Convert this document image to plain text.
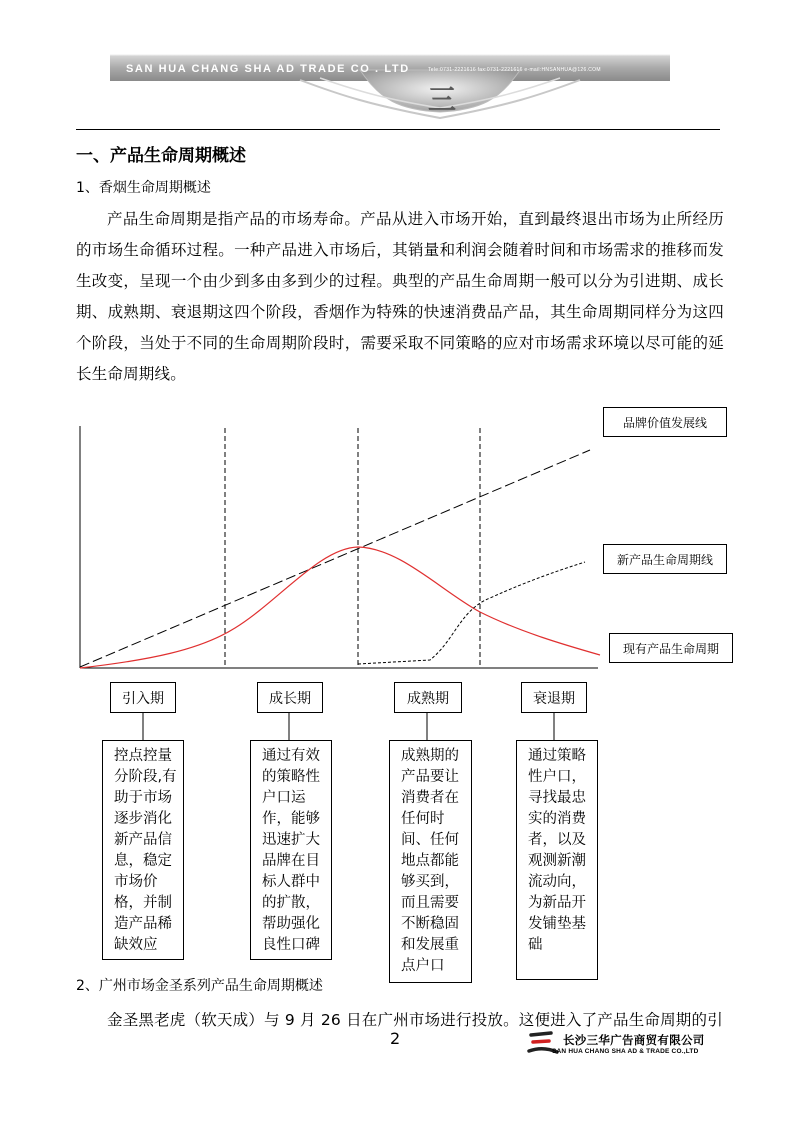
SAN HUA CHANG SHA AD TRADE CO . LTD	Tele:0731-2221616 fax:0731-2221616 e-mail:HNSANHUA@126.COM
三
一、产品生命周期概述
1、香烟生命周期概述
产品生命周期是指产品的市场寿命。产品从进入市场开始，直到最终退出市场为止所经历的市场生命循环过程。一种产品进入市场后，其销量和利润会随着时间和市场需求的推移而发生改变，呈现一个由少到多由多到少的过程。典型的产品生命周期一般可以分为引进期、成长期、成熟期、衰退期这四个阶段，香烟作为特殊的快速消费品产品，其生命周期同样分为这四个阶段，当处于不同的生命周期阶段时，需要采取不同策略的应对市场需求环境以尽可能的延长生命周期线。
品牌价值发展线
新产品生命周期线
现有产品生命周期
引入期	成长期	成熟期	衰退期
控点控量分阶段,有助于市场逐步消化新产品信息，稳定市场价格，并制造产品稀缺效应
通过有效的策略性户口运作，能够迅速扩大品牌在目标人群中的扩散，帮助强化良性口碑
成熟期的产品要让消费者在任何时间、任何地点都能够买到，而且需要不断稳固和发展重点户口
通过策略性户口，寻找最忠实的消费者，以及观测新潮流动向，为新品开发铺垫基础
2、广州市场金圣系列产品生命周期概述
金圣黑老虎（软天成）与 9 月 26 日在广州市场进行投放。这便进入了产品生命周期的引
2	长沙三华广告商贸有限公司
SAN HUA CHANG SHA AD & TRADE CO.,LTD
